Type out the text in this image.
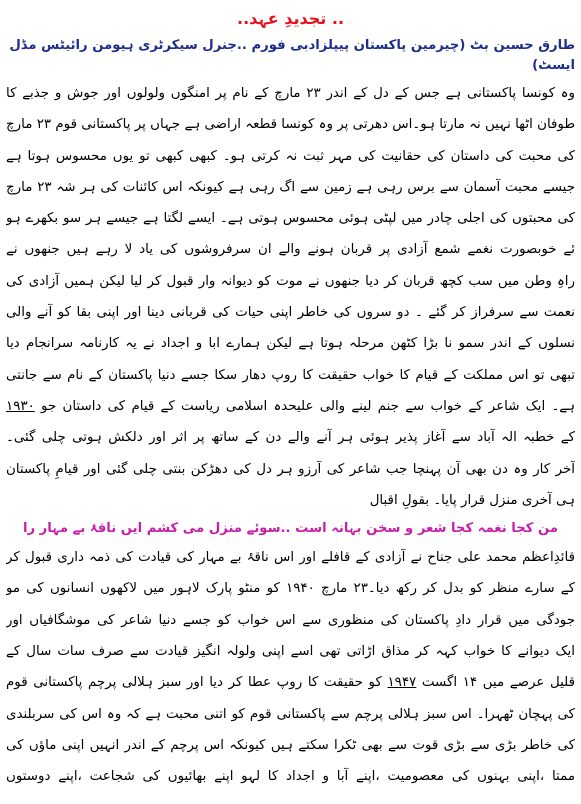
.. تجدیدِ عہد..
طارق حسین بٹ (چیرمین پاکستان پیپلزادبی فورم ..جنرل سیکرٹری ہیومن رائیٹس مڈل ایسٹ)
وہ کونسا پاکستانی ہے جس کے دل کے اندر ۲۳ مارچ کے نام پر امنگوں ولولوں اور جوش و جذبے کا
طوفان اٹھا نہیں نہ مارتا ہو۔اس دھرتی پر وہ کونسا قطعہ اراضی ہے جہاں پر پاکستانی قوم ۲۳ مارچ
کی محبت کی داستان کی حقانیت کی مہر ثبت نہ کرتی ہو۔ کبھی کبھی تو یوں محسوس ہوتا ہے
جیسے محبت آسمان سے برس رہی ہے زمین سے اگ رہی ہے کیونکہ اس کائنات کی ہر شہ ۲۳ مارچ
کی محبتوں کی اجلی چادر میں لپٹی ہوئی محسوس ہوتی ہے۔ ایسے لگتا ہے جیسے ہر سو بکھرے ہو
ئے خوبصورت نغمے شمع آزادی پر قربان ہونے والے ان سرفروشوں کی یاد لا رہے ہیں جنھوں نے
راہِ وطن میں سب کچھ قربان کر دیا جنھوں نے موت کو دیوانہ وار قبول کر لیا لیکن ہمیں آزادی کی
نعمت سے سرفراز کر گئے ۔ دو سروں کی خاطر اپنی حیات کی قربانی دینا اور اپنی بقا کو آنے والی
نسلوں کے اندر سمو نا بڑا کٹھن مرحلہ ہوتا ہے لیکن ہمارے ابا و اجداد نے یہ کارنامہ سرانجام دیا
تبھی تو اس مملکت کے قیام کا خواب حقیقت کا روپ دھار سکا جسے دنیا پاکستان کے نام سے جانتی
ہے۔ ایک شاعر کے خواب سے جنم لینے والی علیحدہ اسلامی ریاست کے قیام کی داستان جو ۱۹۳۰
کے خطبہ الہ آباد سے آغاز پذیر ہوئی ہر آنے والے دن کے ساتھ پر اثر اور دلکش ہوتی چلی گئی۔
آخر کار وہ دن بھی آن پہنچا جب شاعر کی آرزو ہر دل کی دھڑکن بنتی چلی گئی اور قیامِ پاکستان
ہی آخری منزل قرار پایا۔ بقولِ اقبال
من کجا نغمہ کجا شعر و سخن بہانہ است ..سوئے منزل می کشم ایں ناقۂ بے مہار را
قائدِاعظم محمد علی جناح نے آزادی کے قافلے اور اس ناقۂ بے مہار کی قیادت کی ذمہ داری قبول کر
کے سارے منظر کو بدل کر رکھ دیا۔۲۳ مارچ ۱۹۴۰ کو منٹو پارک لاہور میں لاکھوں انسانوں کی مو
جودگی میں قرار دادِ پاکستان کی منظوری سے اس خواب کو جسے دنیا شاعر کی موشگافیاں اور
ایک دیوانے کا خواب کہہ کر مذاق اڑاتی تھی اسے اپنی ولولہ انگیز قیادت سے صرف سات سال کے
قلیل عرصے میں ۱۴ اگست ۱۹۴۷ کو حقیقت کا روپ عطا کر دیا اور سبز ہلالی پرچم پاکستانی قوم
کی پہچان ٹھہرا۔ اس سبز ہلالی پرچم سے پاکستانی قوم کو اتنی محبت ہے کہ وہ اس کی سربلندی
کی خاطر بڑی سے بڑی قوت سے بھی ٹکرا سکتے ہیں کیونکہ اس پرچم کے اندر انہیں اپنی ماؤں کی
ممتا ،اپنی بہنوں کی معصومیت ،اپنے آبا و اجداد کا لہو اپنے بھائیوں کی شجاعت ،اپنے دوستوں
